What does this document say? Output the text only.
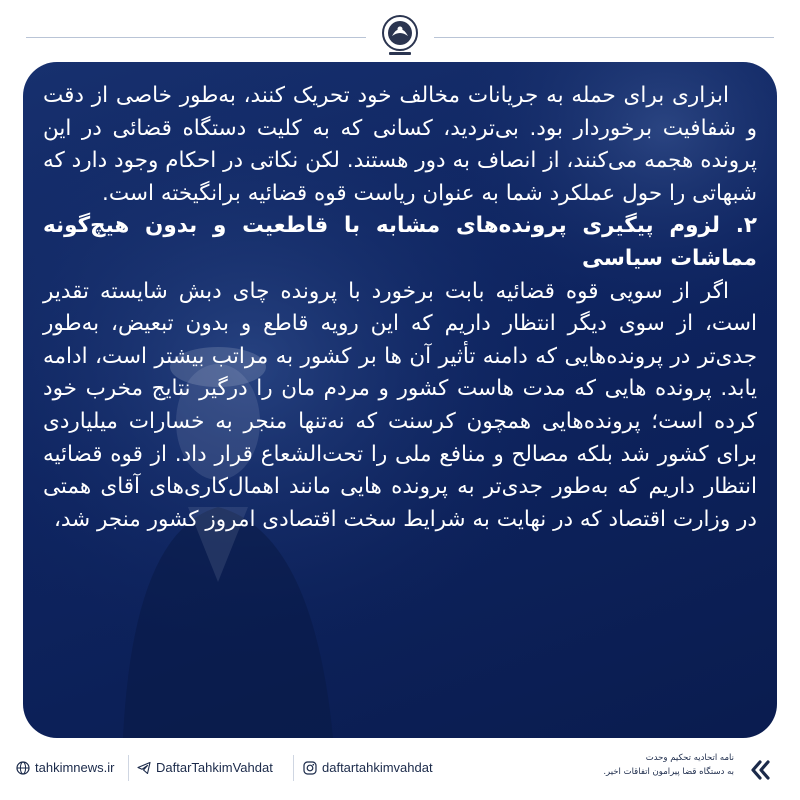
ابزاری برای حمله به جریانات مخالف خود تحریک کنند، به‌طور خاصی از دقت و شفافیت برخوردار بود. بی‌تردید، کسانی که به کلیت دستگاه قضائی در این پرونده هجمه می‌کنند، از انصاف به دور هستند. لکن نکاتی در احکام وجود دارد که شبهاتی را حول عملکرد شما به عنوان ریاست قوه قضائیه برانگیخته است.

۲. لزوم پیگیری پرونده‌های مشابه با قاطعیت و بدون هیچ‌گونه مماشات سیاسی

اگر از سویی قوه قضائیه بابت برخورد با پرونده چای دبش شایسته تقدیر است، از سوی دیگر انتظار داریم که این رویه قاطع و بدون تبعیض، به‌طور جدی‌تر در پرونده‌هایی که دامنه تأثیر آن ها بر کشور به مراتب بیشتر است، ادامه یابد. پرونده هایی که مدت هاست کشور و مردم مان را درگیر نتایج مخرب خود کرده است؛ پرونده‌هایی همچون کرسنت که نه‌تنها منجر به خسارات میلیاردی برای کشور شد بلکه مصالح و منافع ملی را تحت‌الشعاع قرار داد. از قوه قضائیه انتظار داریم که به‌طور جدی‌تر به پرونده هایی مانند اهمال‌کاری‌های آقای همتی در وزارت اقتصاد که در نهایت به شرایط سخت اقتصادی امروز کشور منجر شد،

tahkimnews.ir	DaftarTahkimVahdat	daftartahkimvahdat
نامه اتحادیه تحکیم وحدت
به دستگاه قضا پیرامون اتفاقات اخیر.
